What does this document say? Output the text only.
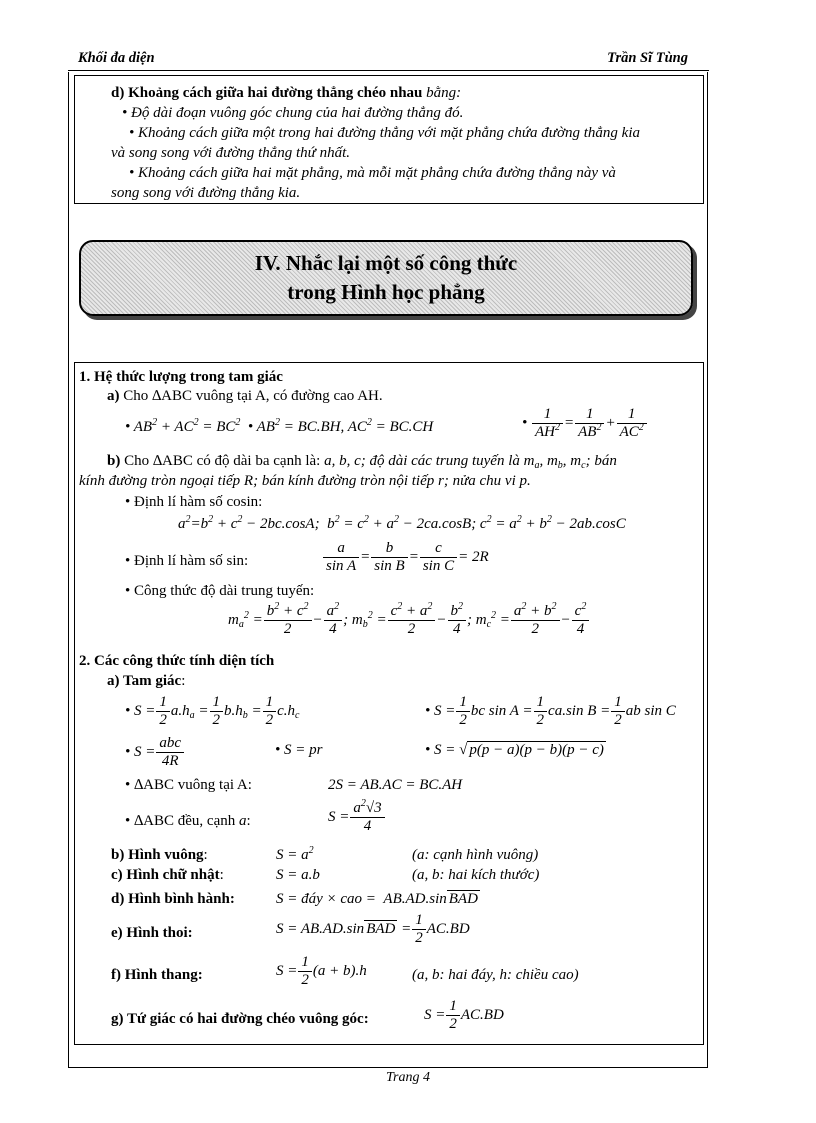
Khối đa diện	Trần Sĩ Tùng
d) Khoảng cách giữa hai đường thẳng chéo nhau bằng:
• Độ dài đoạn vuông góc chung của hai đường thẳng đó.
• Khoảng cách giữa một trong hai đường thẳng với mặt phẳng chứa đường thẳng kia
và song song với đường thẳng thứ nhất.
• Khoảng cách giữa hai mặt phẳng, mà mỗi mặt phẳng chứa đường thẳng này và
song song với đường thẳng kia.
IV. Nhắc lại một số công thức
trong Hình học phẳng
1. Hệ thức lượng trong tam giác
a) Cho ∆ABC vuông tại A, có đường cao AH.
• $AB^2 + AC^2 = BC^2$  • $AB^2 = BC.BH$, $AC^2 = BC.CH$	• $\frac{1}{AH^2} = \frac{1}{AB^2} + \frac{1}{AC^2}$
b) Cho ∆ABC có độ dài ba cạnh là: a, b, c; độ dài các trung tuyến là $m_a$, $m_b$, $m_c$; bán
kính đường tròn ngoại tiếp R; bán kính đường tròn nội tiếp r; nửa chu vi p.
• Định lí hàm số cosin:
$a^2=b^2 + c^2 - 2bc.\cos A$;  $b^2 = c^2 + a^2 - 2ca.\cos B$; $c^2 = a^2 + b^2 - 2ab.\cos C$
• Định lí hàm số sin:	$\frac{a}{\text{sin A}} = \frac{b}{\text{sin B}} = \frac{c}{\text{sin C}} = 2R$
• Công thức độ dài trung tuyến:
$m_a^2 = \frac{b^2 + c^2}{2} - \frac{a^2}{4}$ ; $m_b^2 = \frac{c^2 + a^2}{2} - \frac{b^2}{4}$ ; $m_c^2 = \frac{a^2 + b^2}{2} - \frac{c^2}{4}$
2. Các công thức tính diện tích
a) Tam giác:
• $S = \frac{1}{2} a.h_a = \frac{1}{2} b.h_b = \frac{1}{2} c.h_c$	• $S = \frac{1}{2}$ bc $\sin A = \frac{1}{2} ca.\sin$ $B = \frac{1}{2}$ ab sin C
• $S = \frac{\text{abc}}{4R}$	• S = pr	• S = √ p(p − a)(p − b)(p − c)
• ∆ABC vuông tại A:	2S = AB.AC = BC.AH
• ∆ABC đều, cạnh a:	$S = \frac{a^2√3}{4}$
b) Hình vuông:	$S = a^2$	(a: cạnh hình vuông)
c) Hình chữ nhật:	S = a.b	(a, b: hai kích thước)
d) Hình bình hành:	S = đáy × cao =  AB.AD.sin BAD
e) Hình thoi:	S = AB.AD.sin BAD = $\frac{1}{2} AC.BD$
f) Hình thang:	$S = \frac{1}{2} (a + b).h$	(a, b: hai đáy, h: chiều cao)
g) Tứ giác có hai đường chéo vuông góc:	$S = \frac{1}{2} AC.BD$
Trang 4
